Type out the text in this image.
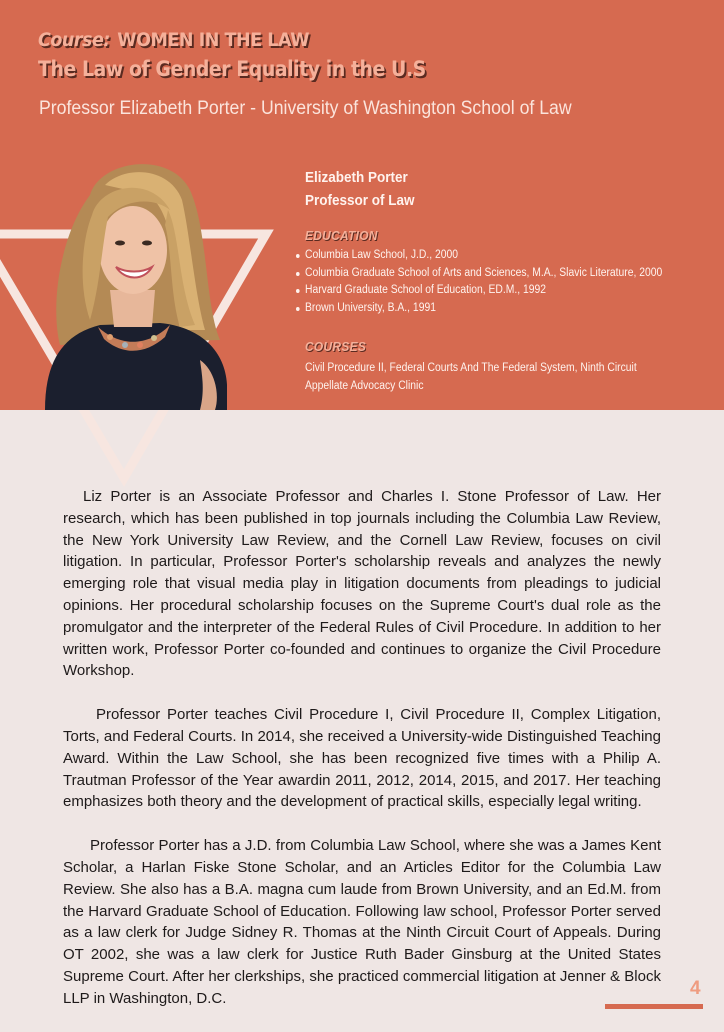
Course: WOMEN IN THE LAW
The Law of Gender Equality in the U.S
Professor Elizabeth Porter - University of Washington School of Law
Elizabeth Porter
Professor of Law
EDUCATION
Columbia Law School, J.D., 2000
Columbia Graduate School of Arts and Sciences, M.A., Slavic Literature, 2000
Harvard Graduate School of Education, ED.M., 1992
Brown University, B.A., 1991
COURSES
Civil Procedure II, Federal Courts And The Federal System, Ninth Circuit Appellate Advocacy Clinic

Liz Porter is an Associate Professor and Charles I. Stone Professor of Law. Her research, which has been published in top journals including the Columbia Law Review, the New York University Law Review, and the Cornell Law Review, focuses on civil litigation. In particular, Professor Porter's scholarship reveals and analyzes the newly emerging role that visual media play in litigation documents from pleadings to judicial opinions. Her procedural scholarship focuses on the Supreme Court's dual role as the promulgator and the interpreter of the Federal Rules of Civil Procedure. In addition to her written work, Professor Porter co-founded and continues to organize the Civil Procedure Workshop.

Professor Porter teaches Civil Procedure I, Civil Procedure II, Complex Litigation, Torts, and Federal Courts. In 2014, she received a University-wide Distinguished Teaching Award. Within the Law School, she has been recognized five times with a Philip A. Trautman Professor of the Year awardin 2011, 2012, 2014, 2015, and 2017. Her teaching emphasizes both theory and the development of practical skills, especially legal writing.

Professor Porter has a J.D. from Columbia Law School, where she was a James Kent Scholar, a Harlan Fiske Stone Scholar, and an Articles Editor for the Columbia Law Review. She also has a B.A. magna cum laude from Brown University, and an Ed.M. from the Harvard Graduate School of Education. Following law school, Professor Porter served as a law clerk for Judge Sidney R. Thomas at the Ninth Circuit Court of Appeals. During OT 2002, she was a law clerk for Justice Ruth Bader Ginsburg at the United States Supreme Court. After her clerkships, she practiced commercial litigation at Jenner & Block LLP in Washington, D.C.	4
